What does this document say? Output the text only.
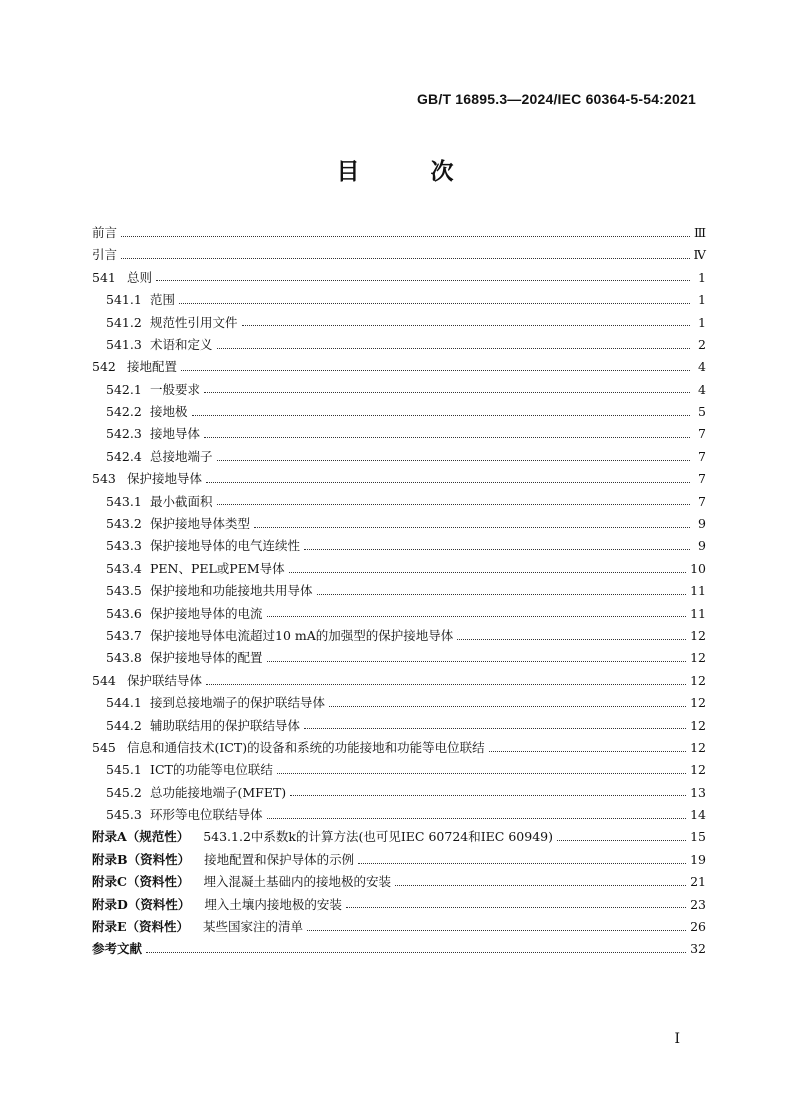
GB/T 16895.3—2024/IEC 60364-5-54:2021
目　次
前言	Ⅲ
引言	Ⅳ
541 总则	1
541.1 范围	1
541.2 规范性引用文件	1
541.3 术语和定义	2
542 接地配置	4
542.1 一般要求	4
542.2 接地极	5
542.3 接地导体	7
542.4 总接地端子	7
543 保护接地导体	7
543.1 最小截面积	7
543.2 保护接地导体类型	9
543.3 保护接地导体的电气连续性	9
543.4 PEN、PEL或PEM导体	10
543.5 保护接地和功能接地共用导体	11
543.6 保护接地导体的电流	11
543.7 保护接地导体电流超过10 mA的加强型的保护接地导体	12
543.8 保护接地导体的配置	12
544 保护联结导体	12
544.1 接到总接地端子的保护联结导体	12
544.2 辅助联结用的保护联结导体	12
545 信息和通信技术(ICT)的设备和系统的功能接地和功能等电位联结	12
545.1 ICT的功能等电位联结	12
545.2 总功能接地端子(MFET)	13
545.3 环形等电位联结导体	14
附录A（规范性） 543.1.2中系数k的计算方法(也可见IEC 60724和IEC 60949)	15
附录B（资料性） 接地配置和保护导体的示例	19
附录C（资料性） 埋入混凝土基础内的接地极的安装	21
附录D（资料性） 埋入土壤内接地极的安装	23
附录E（资料性） 某些国家注的清单	26
参考文献	32
I
